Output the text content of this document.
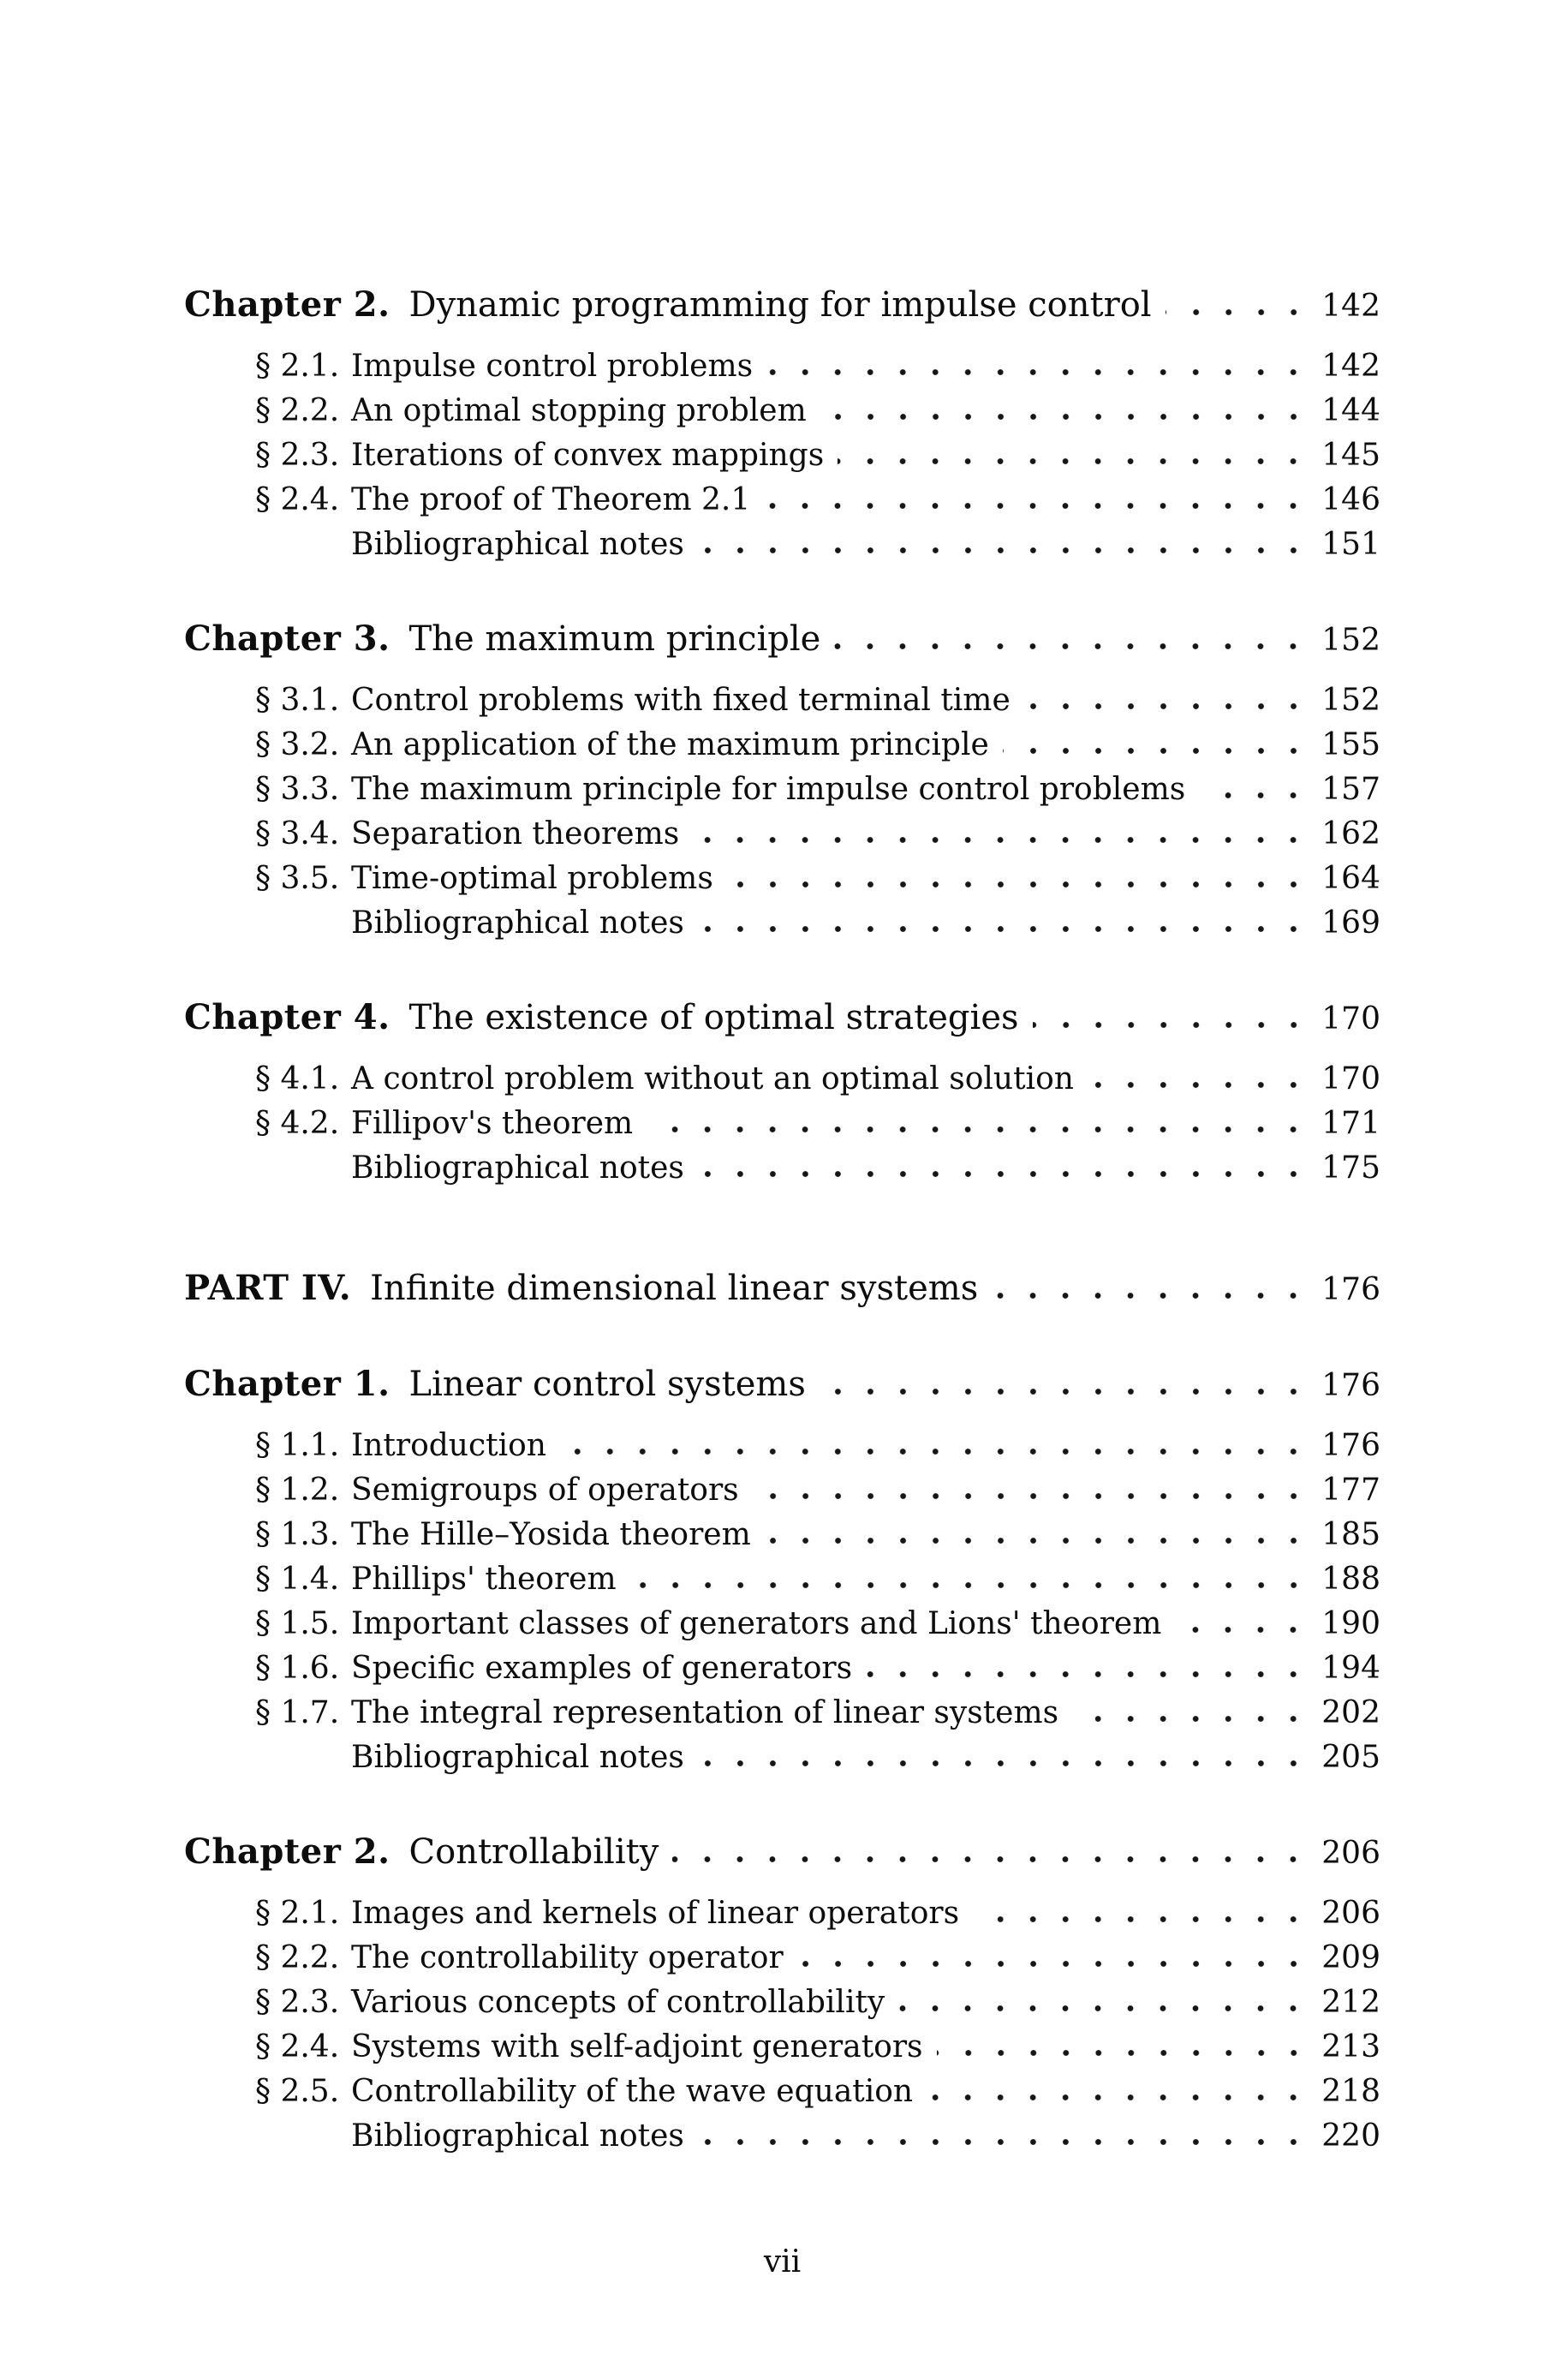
Chapter 2. Dynamic programming for impulse control	142
§ 2.1. Impulse control problems	142
§ 2.2. An optimal stopping problem	144
§ 2.3. Iterations of convex mappings	145
§ 2.4. The proof of Theorem 2.1	146
Bibliographical notes	151
Chapter 3. The maximum principle	152
§ 3.1. Control problems with fixed terminal time	152
§ 3.2. An application of the maximum principle	155
§ 3.3. The maximum principle for impulse control problems	157
§ 3.4. Separation theorems	162
§ 3.5. Time-optimal problems	164
Bibliographical notes	169
Chapter 4. The existence of optimal strategies	170
§ 4.1. A control problem without an optimal solution	170
§ 4.2. Fillipov's theorem	171
Bibliographical notes	175
PART IV. Infinite dimensional linear systems	176
Chapter 1. Linear control systems	176
§ 1.1. Introduction	176
§ 1.2. Semigroups of operators	177
§ 1.3. The Hille–Yosida theorem	185
§ 1.4. Phillips' theorem	188
§ 1.5. Important classes of generators and Lions' theorem	190
§ 1.6. Specific examples of generators	194
§ 1.7. The integral representation of linear systems	202
Bibliographical notes	205
Chapter 2. Controllability	206
§ 2.1. Images and kernels of linear operators	206
§ 2.2. The controllability operator	209
§ 2.3. Various concepts of controllability	212
§ 2.4. Systems with self-adjoint generators	213
§ 2.5. Controllability of the wave equation	218
Bibliographical notes	220
vii
